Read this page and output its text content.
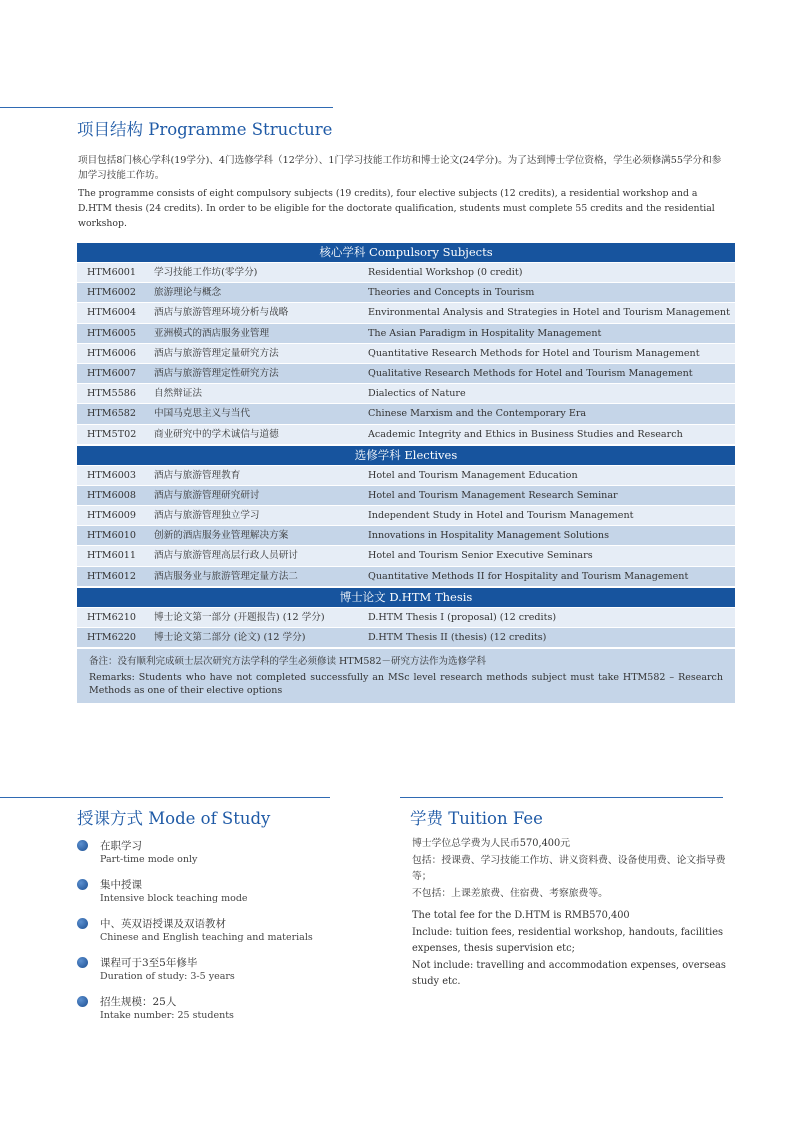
项目结构 Programme Structure

项目包括8门核心学科(19学分)、4门选修学科（12学分）、1门学习技能工作坊和博士论文(24学分)。为了达到博士学位资格，学生必须修满55学分和参加学习技能工作坊。

The programme consists of eight compulsory subjects (19 credits), four elective subjects (12 credits), a residential workshop and a D.HTM thesis (24 credits). In order to be eligible for the doctorate qualification, students must complete 55 credits and the residential workshop.

核心学科 Compulsory Subjects
HTM6001	学习技能工作坊(零学分)	Residential Workshop (0 credit)
HTM6002	旅游理论与概念	Theories and Concepts in Tourism
HTM6004	酒店与旅游管理环境分析与战略	Environmental Analysis and Strategies in Hotel and Tourism Management
HTM6005	亚洲模式的酒店服务业管理	The Asian Paradigm in Hospitality Management
HTM6006	酒店与旅游管理定量研究方法	Quantitative Research Methods for Hotel and Tourism Management
HTM6007	酒店与旅游管理定性研究方法	Qualitative Research Methods for Hotel and Tourism Management
HTM5586	自然辩证法	Dialectics of Nature
HTM6582	中国马克思主义与当代	Chinese Marxism and the Contemporary Era
HTM5T02	商业研究中的学术诚信与道德	Academic Integrity and Ethics in Business Studies and Research
选修学科 Electives
HTM6003	酒店与旅游管理教育	Hotel and Tourism Management Education
HTM6008	酒店与旅游管理研究研讨	Hotel and Tourism Management Research Seminar
HTM6009	酒店与旅游管理独立学习	Independent Study in Hotel and Tourism Management
HTM6010	创新的酒店服务业管理解决方案	Innovations in Hospitality Management Solutions
HTM6011	酒店与旅游管理高层行政人员研讨	Hotel and Tourism Senior Executive Seminars
HTM6012	酒店服务业与旅游管理定量方法二	Quantitative Methods II for Hospitality and Tourism Management
博士论文 D.HTM Thesis
HTM6210	博士论文第一部分 (开题报告) (12 学分)	D.HTM Thesis I (proposal) (12 credits)
HTM6220	博士论文第二部分 (论文) (12 学分)	D.HTM Thesis II (thesis) (12 credits)
备注：没有顺利完成硕士层次研究方法学科的学生必须修读 HTM582－研究方法作为选修学科
Remarks: Students who have not completed successfully an MSc level research methods subject must take HTM582 – Research Methods as one of their elective options
授课方式 Mode of Study
在职学习
Part-time mode only
集中授课
Intensive block teaching mode
中、英双语授课及双语教材
Chinese and English teaching and materials
课程可于3至5年修毕
Duration of study: 3-5 years
招生规模：25人
Intake number: 25 students
学费 Tuition Fee

博士学位总学费为人民币570,400元

包括：授课费、学习技能工作坊、讲义资料费、设备使用费、论文指导费等；

不包括：上课差旅费、住宿费、考察旅费等。

The total fee for the D.HTM is RMB570,400

Include: tuition fees, residential workshop, handouts, facilities expenses, thesis supervision etc;

Not include: travelling and accommodation expenses, overseas study etc.
